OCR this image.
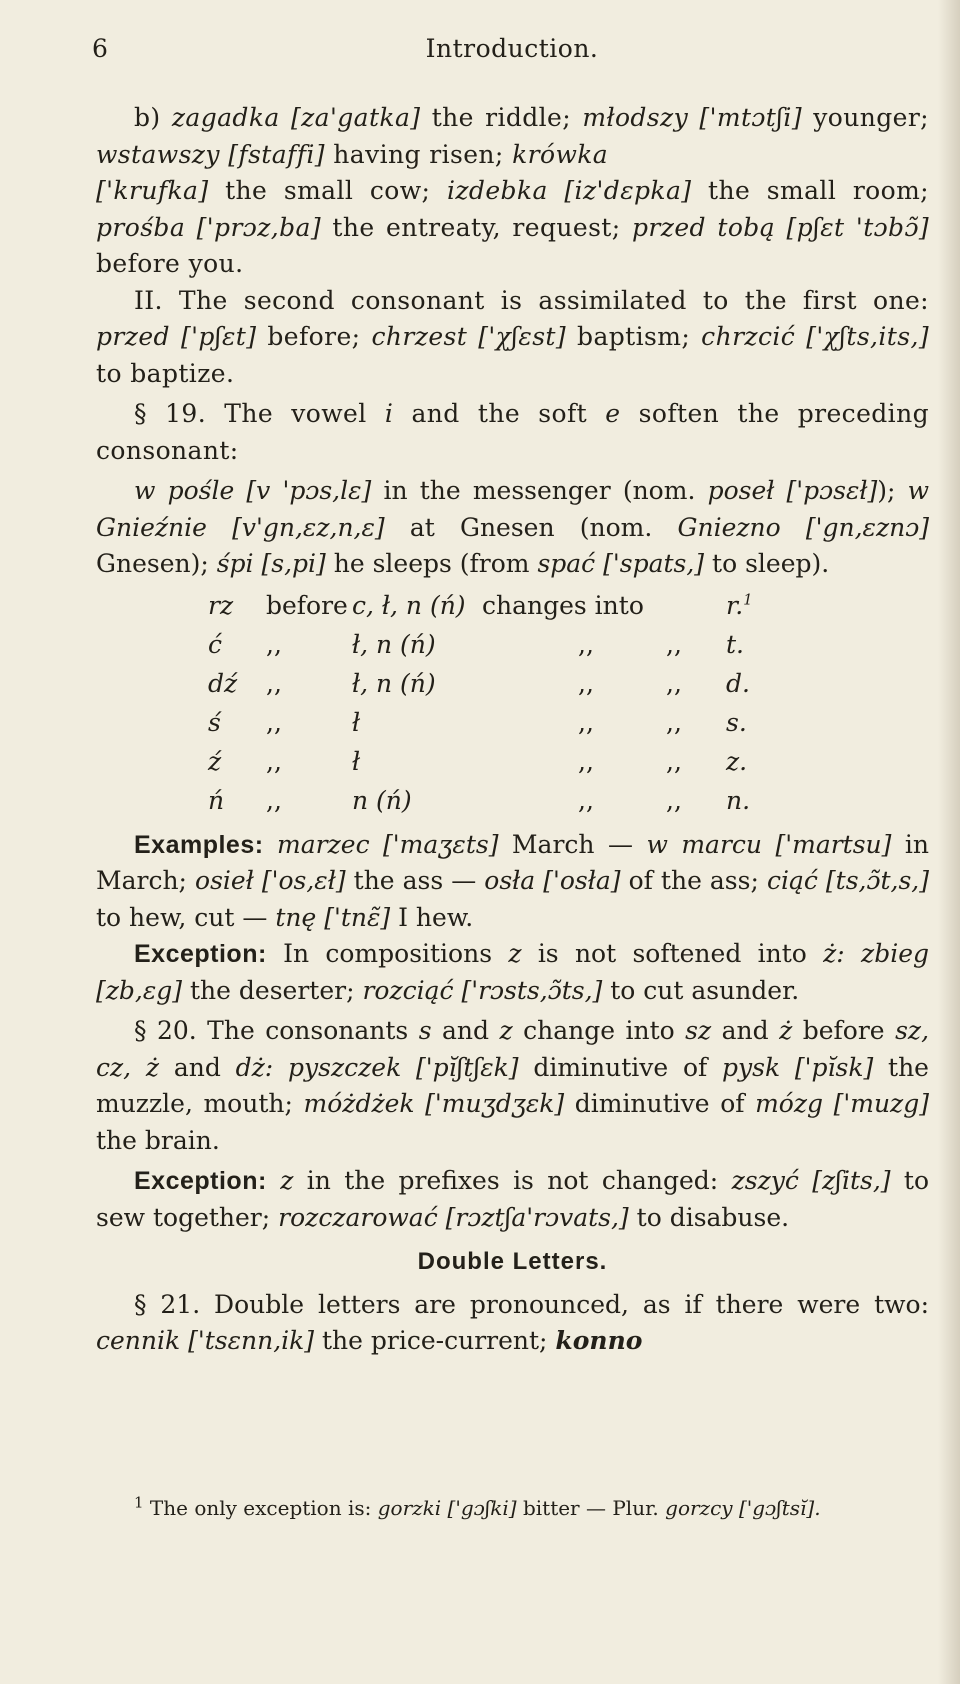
6	Introduction.

b) zagadka [za'gatka] the riddle; młodszy ['mtɔtʃi] younger; wstawszy [fstaffi] having risen; krówka
['krufka] the small cow; izdebka [iz'dɛpka] the small room; prośba ['prɔz,ba] the entreaty, request; przed tobą [pʃɛt 'tɔbɔ̃] before you.

II. The second consonant is assimilated to the first one: przed ['pʃɛt] before; chrzest ['χʃɛst] baptism; chrzcić ['χʃts,its,] to baptize.

§ 19. The vowel i and the soft e soften the preceding consonant:

w pośle [v 'pɔs,lɛ] in the messenger (nom. poseł ['pɔsɛł]); w Gnieźnie [v'gn,ɛz,n,ɛ] at Gnesen (nom. Gniezno ['gn,ɛznɔ] Gnesen); śpi [s,pi] he sleeps (from spać ['spats,] to sleep).

rz	before	c, ł, n (ń)	changes into		r.$^1$
ć	,,	ł, n (ń)	,,	,,	t.
dź	,,	ł, n (ń)	,,	,,	d.
ś	,,	ł	,,	,,	s.
ź	,,	ł	,,	,,	z.
ń	,,	n (ń)	,,	,,	n.

Examples: marzec ['maʒɛts] March — w marcu ['martsu] in March; osieł ['os,ɛł] the ass — osła ['osła] of the ass; ciąć [ts,ɔ̃t,s,] to hew, cut — tnę ['tnɛ̃] I hew.

Exception: In compositions z is not softened into ż: zbieg [zb,ɛg] the deserter; rozciąć ['rɔsts,ɔ̃ts,] to cut asunder.

§ 20. The consonants s and z change into sz and ż before sz, cz, ż and dż: pyszczek ['pĭʃtʃɛk] diminutive of pysk ['pĭsk] the muzzle, mouth; móżdżek ['muʒdʒɛk] diminutive of mózg ['muzg] the brain.

Exception: z in the prefixes is not changed: zszyć [zʃits,] to sew together; rozczarować [rɔztʃa'rɔvats,] to disabuse.

Double Letters.

§ 21. Double letters are pronounced, as if there were two: cennik ['tsɛnn,ik] the price-current; konno

$^1$ The only exception is: gorzki ['gɔʃki] bitter — Plur. gorzcy ['gɔʃtsĭ].
